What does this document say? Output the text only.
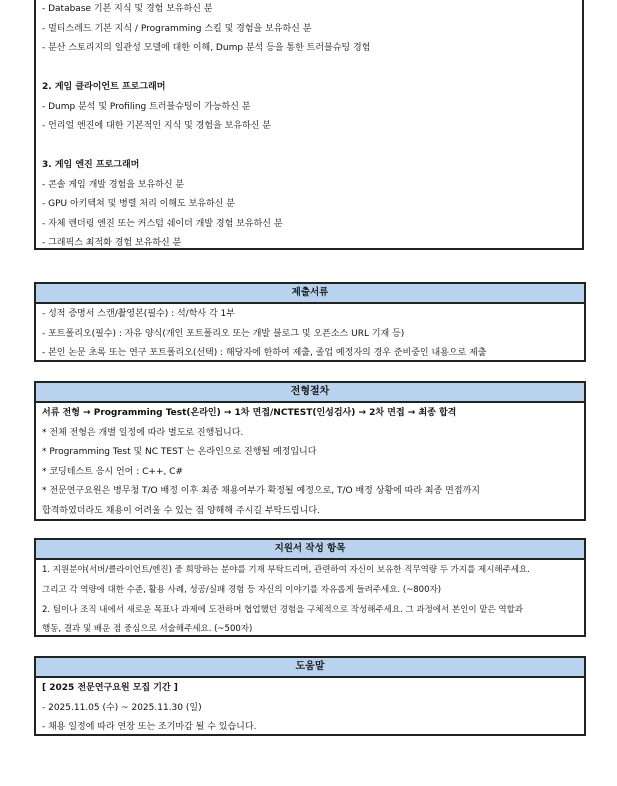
- Database 기본 지식 및 경험 보유하신 분
- 멀티스레드 기본 지식 / Programming 스킬 및 경험을 보유하신 분
- 분산 스토리지의 일관성 모델에 대한 이해, Dump 분석 등을 통한 트러블슈팅 경험
2. 게임 클라이언트 프로그래머
- Dump 분석 및 Profiling 트러블슈팅이 가능하신 분
- 언리얼 엔진에 대한 기본적인 지식 및 경험을 보유하신 분
3. 게임 엔진 프로그래머
- 콘솔 게임 개발 경험을 보유하신 분
- GPU 아키텍쳐 및 병렬 처리 이해도 보유하신 분
- 자체 렌더링 엔진 또는 커스텀 쉐이더 개발 경험 보유하신 분
- 그래픽스 최적화 경험 보유하신 분
제출서류
- 성적 증명서 스캔/촬영본(필수) : 석/학사 각 1부
- 포트폴리오(필수) : 자유 양식(개인 포트폴리오 또는 개발 블로그 및 오픈소스 URL 기재 등)
- 본인 논문 초록 또는 연구 포트폴리오(선택) : 해당자에 한하여 제출, 졸업 예정자의 경우 준비중인 내용으로 제출
전형절차
서류 전형 → Programming Test(온라인) → 1차 면접/NCTEST(인성검사) → 2차 면접 → 최종 합격
* 전체 전형은 개별 일정에 따라 별도로 진행됩니다.
* Programming Test 및 NC TEST 는 온라인으로 진행될 예정입니다
* 코딩테스트 응시 언어 : C++, C#
* 전문연구요원은 병무청 T/O 배정 이후 최종 채용여부가 확정될 예정으로, T/O 배정 상황에 따라 최종 면접까지
합격하였더라도 채용이 어려울 수 있는 점 양해해 주시길 부탁드립니다.
지원서 작성 항목
1. 지원분야(서버/클라이언트/엔진) 중 희망하는 분야를 기재 부탁드리며, 관련하여 자신이 보유한 직무역량 두 가지를 제시해주세요.
그리고 각 역량에 대한 수준, 활용 사례, 성공/실패 경험 등 자신의 이야기를 자유롭게 들려주세요. (~800자)
2. 팀이나 조직 내에서 새로운 목표나 과제에 도전하며 협업했던 경험을 구체적으로 작성해주세요. 그 과정에서 본인이 맡은 역할과
행동, 결과 및 배운 점 중심으로 서술해주세요. (~500자)
도움말
[ 2025 전문연구요원 모집 기간 ]
- 2025.11.05 (수) ~ 2025.11.30 (일)
- 채용 일정에 따라 연장 또는 조기마감 될 수 있습니다.
